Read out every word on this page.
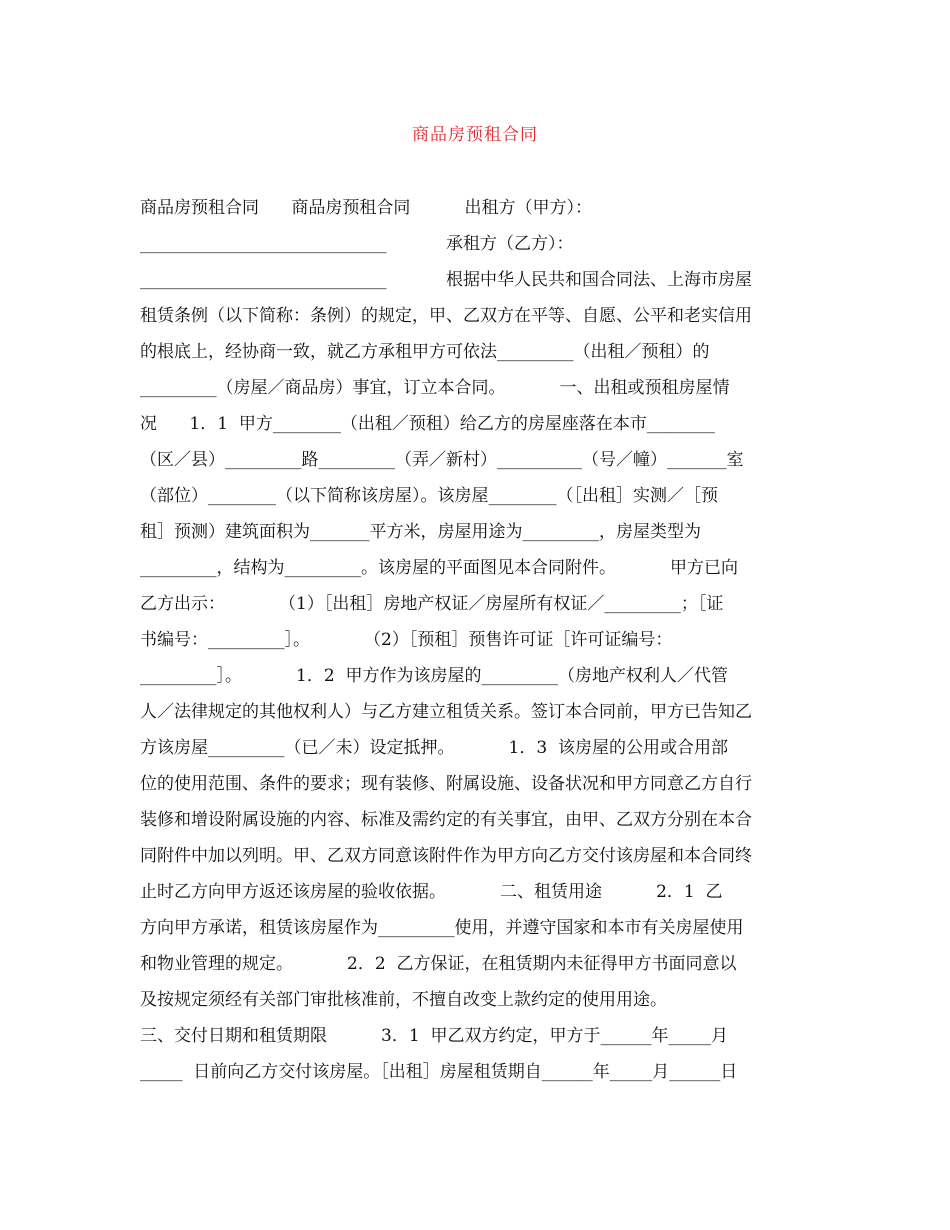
商品房预租合同
商品房预租合同      商品房预租合同          出租方（甲方）：
_____________________________           承租方（乙方）：
_____________________________           根据中华人民共和国合同法、上海市房屋
租赁条例（以下简称：条例）的规定，甲、乙双方在平等、自愿、公平和老实信用
的根底上，经协商一致，就乙方承租甲方可依法_________（出租／预租）的
_________（房屋／商品房）事宜，订立本合同。          一、出租或预租房屋情
况      1．1  甲方________（出租／预租）给乙方的房屋座落在本市________
（区／县）_________路_________（弄／新村）__________（号／幢）_______室
（部位）________（以下简称该房屋）。该房屋________（［出租］实测／［预
租］预测）建筑面积为_______平方米，房屋用途为_________，房屋类型为
_________，结构为_________。该房屋的平面图见本合同附件。          甲方已向
乙方出示：          （1）［出租］房地产权证／房屋所有权证／_________；［证
书编号：_________］。          （2）［预租］预售许可证［许可证编号：
_________］。          1．2  甲方作为该房屋的_________（房地产权利人／代管
人／法律规定的其他权利人）与乙方建立租赁关系。签订本合同前，甲方已告知乙
方该房屋_________（已／未）设定抵押。          1．3  该房屋的公用或合用部
位的使用范围、条件的要求；现有装修、附属设施、设备状况和甲方同意乙方自行
装修和增设附属设施的内容、标准及需约定的有关事宜，由甲、乙双方分别在本合
同附件中加以列明。甲、乙双方同意该附件作为甲方向乙方交付该房屋和本合同终
止时乙方向甲方返还该房屋的验收依据。          二、租赁用途          2．1  乙
方向甲方承诺，租赁该房屋作为_________使用，并遵守国家和本市有关房屋使用
和物业管理的规定。          2．2  乙方保证，在租赁期内未征得甲方书面同意以
及按规定须经有关部门审批核准前，不擅自改变上款约定的使用用途。
三、交付日期和租赁期限          3．1  甲乙双方约定，甲方于______年_____月
_____  日前向乙方交付该房屋。［出租］房屋租赁期自______年_____月______日
